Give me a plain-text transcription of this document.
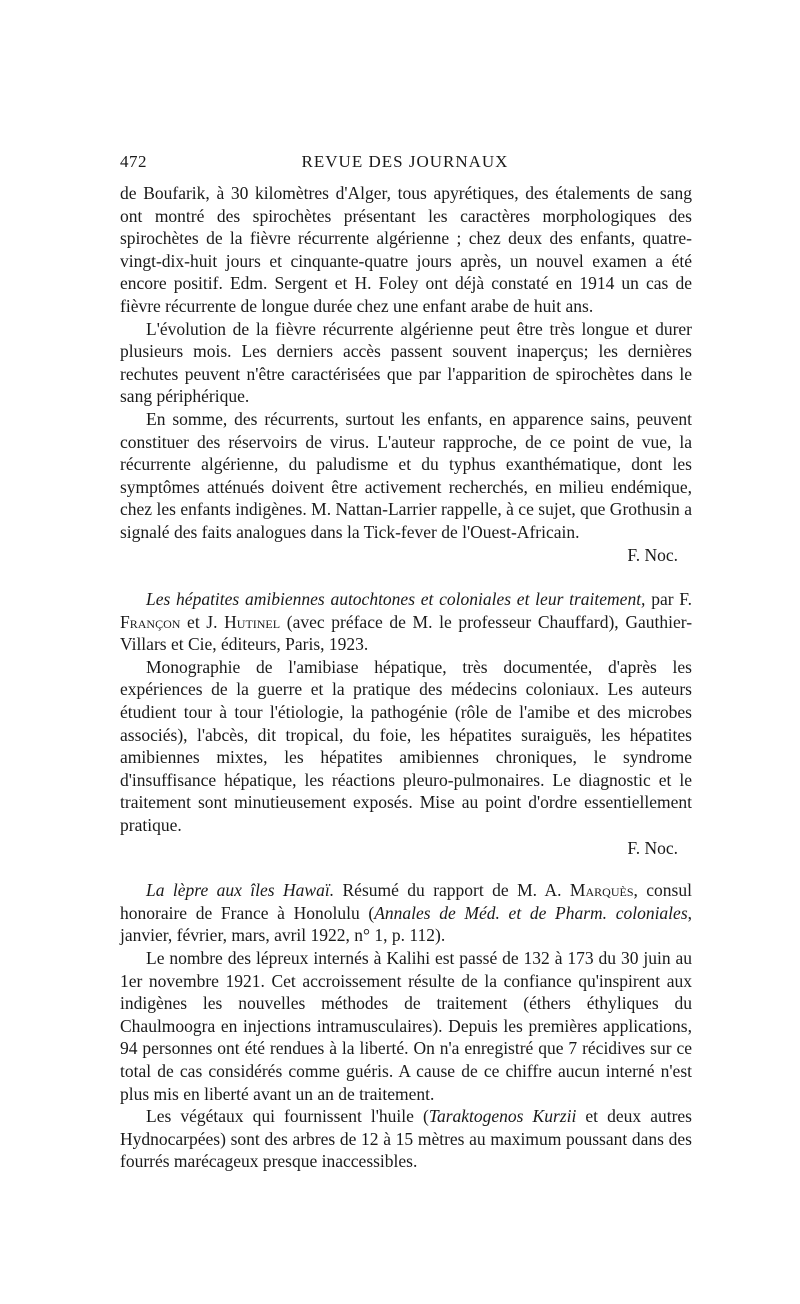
472	REVUE DES JOURNAUX

de Boufarik, à 30 kilomètres d'Alger, tous apyrétiques, des étalements de sang ont montré des spirochètes présentant les caractères morphologiques des spirochètes de la fièvre récurrente algérienne ; chez deux des enfants, quatre-vingt-dix-huit jours et cinquante-quatre jours après, un nouvel examen a été encore positif. Edm. Sergent et H. Foley ont déjà constaté en 1914 un cas de fièvre récurrente de longue durée chez une enfant arabe de huit ans.

L'évolution de la fièvre récurrente algérienne peut être très longue et durer plusieurs mois. Les derniers accès passent souvent inaperçus; les dernières rechutes peuvent n'être caractérisées que par l'apparition de spirochètes dans le sang périphérique.

En somme, des récurrents, surtout les enfants, en apparence sains, peuvent constituer des réservoirs de virus. L'auteur rapproche, de ce point de vue, la récurrente algérienne, du paludisme et du typhus exanthématique, dont les symptômes atténués doivent être activement recherchés, en milieu endémique, chez les enfants indigènes. M. Nattan-Larrier rappelle, à ce sujet, que Grothusin a signalé des faits analogues dans la Tick-fever de l'Ouest-Africain.

F. Noc.

Les hépatites amibiennes autochtones et coloniales et leur traitement, par F. Françon et J. Hutinel (avec préface de M. le professeur Chauffard), Gauthier-Villars et Cie, éditeurs, Paris, 1923.

Monographie de l'amibiase hépatique, très documentée, d'après les expériences de la guerre et la pratique des médecins coloniaux. Les auteurs étudient tour à tour l'étiologie, la pathogénie (rôle de l'amibe et des microbes associés), l'abcès, dit tropical, du foie, les hépatites suraiguës, les hépatites amibiennes mixtes, les hépatites amibiennes chroniques, le syndrome d'insuffisance hépatique, les réactions pleuro-pulmonaires. Le diagnostic et le traitement sont minutieusement exposés. Mise au point d'ordre essentiellement pratique.

F. Noc.

La lèpre aux îles Hawaï. Résumé du rapport de M. A. Marquès, consul honoraire de France à Honolulu (Annales de Méd. et de Pharm. coloniales, janvier, février, mars, avril 1922, n° 1, p. 112).

Le nombre des lépreux internés à Kalihi est passé de 132 à 173 du 30 juin au 1er novembre 1921. Cet accroissement résulte de la confiance qu'inspirent aux indigènes les nouvelles méthodes de traitement (éthers éthyliques du Chaulmoogra en injections intramusculaires). Depuis les premières applications, 94 personnes ont été rendues à la liberté. On n'a enregistré que 7 récidives sur ce total de cas considérés comme guéris. A cause de ce chiffre aucun interné n'est plus mis en liberté avant un an de traitement.

Les végétaux qui fournissent l'huile (Taraktogenos Kurzii et deux autres Hydnocarpées) sont des arbres de 12 à 15 mètres au maximum poussant dans des fourrés marécageux presque inaccessibles.
